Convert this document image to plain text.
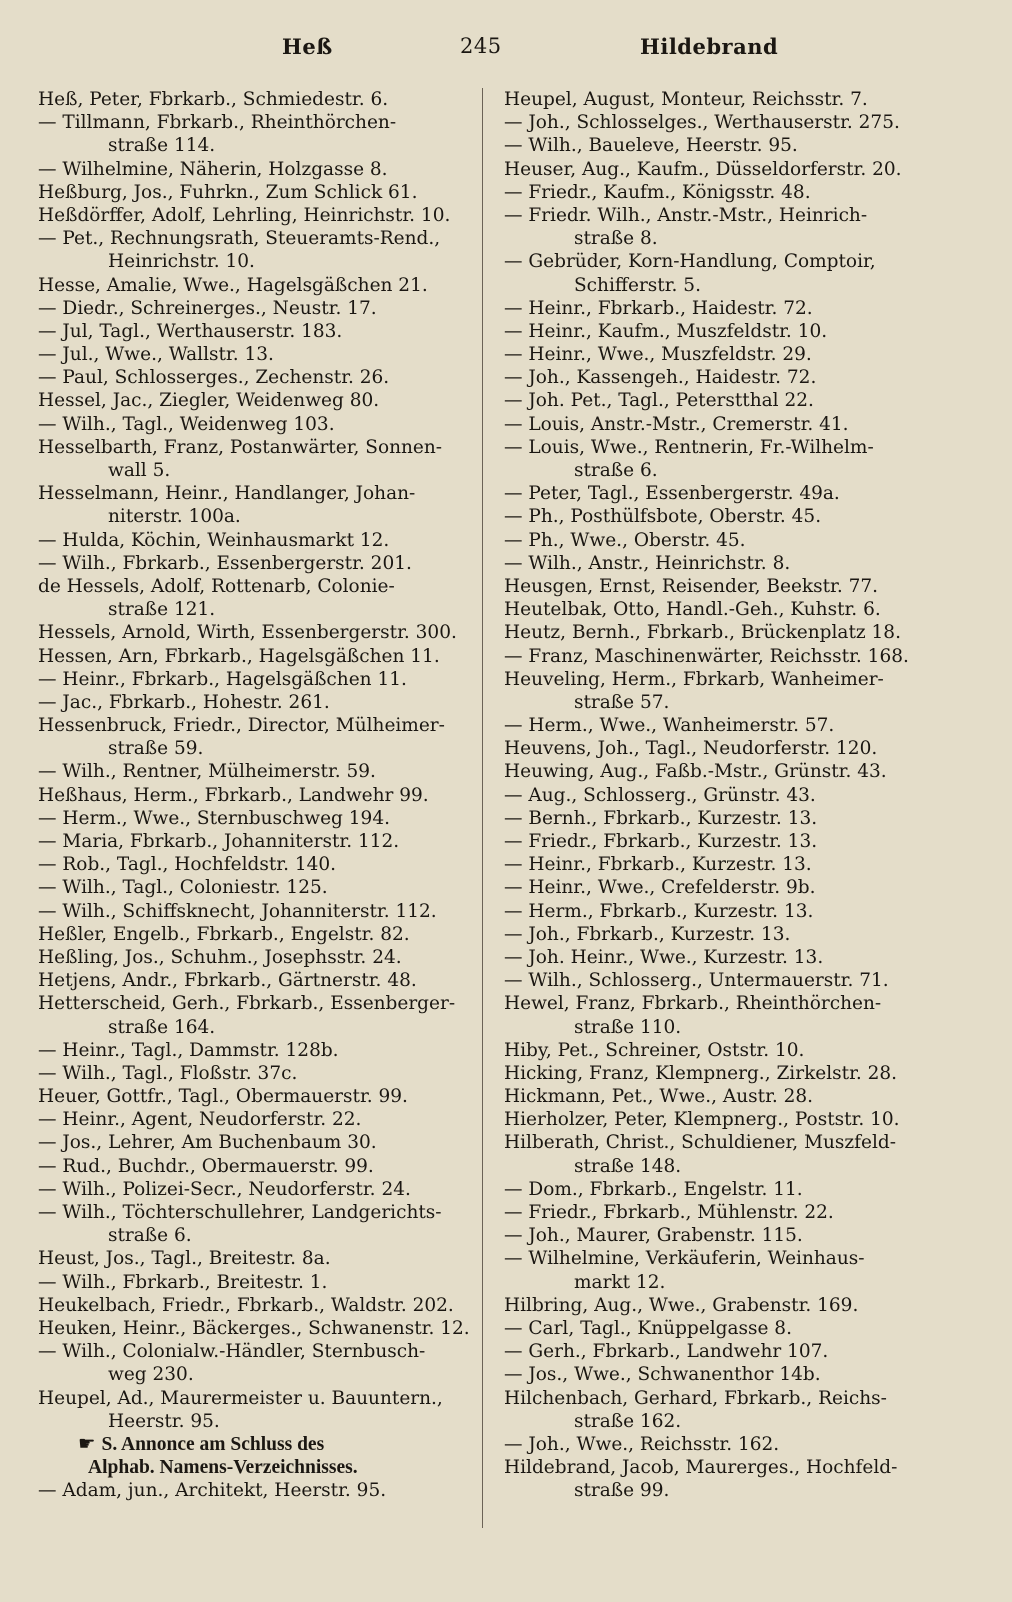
Heß	245	Hildebrand
Heß, Peter, Fbrkarb., Schmiedestr. 6.
— Tillmann, Fbrkarb., Rheinthörchen-
straße 114.
— Wilhelmine, Näherin, Holzgasse 8.
Heßburg, Jos., Fuhrkn., Zum Schlick 61.
Heßdörffer, Adolf, Lehrling, Heinrichstr. 10.
— Pet., Rechnungsrath, Steueramts-Rend.,
Heinrichstr. 10.
Hesse, Amalie, Wwe., Hagelsgäßchen 21.
— Diedr., Schreinerges., Neustr. 17.
— Jul, Tagl., Werthauserstr. 183.
— Jul., Wwe., Wallstr. 13.
— Paul, Schlosserges., Zechenstr. 26.
Hessel, Jac., Ziegler, Weidenweg 80.
— Wilh., Tagl., Weidenweg 103.
Hesselbarth, Franz, Postanwärter, Sonnen-
wall 5.
Hesselmann, Heinr., Handlanger, Johan-
niterstr. 100a.
— Hulda, Köchin, Weinhausmarkt 12.
— Wilh., Fbrkarb., Essenbergerstr. 201.
de Hessels, Adolf, Rottenarb, Colonie-
straße 121.
Hessels, Arnold, Wirth, Essenbergerstr. 300.
Hessen, Arn, Fbrkarb., Hagelsgäßchen 11.
— Heinr., Fbrkarb., Hagelsgäßchen 11.
— Jac., Fbrkarb., Hohestr. 261.
Hessenbruck, Friedr., Director, Mülheimer-
straße 59.
— Wilh., Rentner, Mülheimerstr. 59.
Heßhaus, Herm., Fbrkarb., Landwehr 99.
— Herm., Wwe., Sternbuschweg 194.
— Maria, Fbrkarb., Johanniterstr. 112.
— Rob., Tagl., Hochfeldstr. 140.
— Wilh., Tagl., Coloniestr. 125.
— Wilh., Schiffsknecht, Johanniterstr. 112.
Heßler, Engelb., Fbrkarb., Engelstr. 82.
Heßling, Jos., Schuhm., Josephsstr. 24.
Hetjens, Andr., Fbrkarb., Gärtnerstr. 48.
Hetterscheid, Gerh., Fbrkarb., Essenberger-
straße 164.
— Heinr., Tagl., Dammstr. 128b.
— Wilh., Tagl., Floßstr. 37c.
Heuer, Gottfr., Tagl., Obermauerstr. 99.
— Heinr., Agent, Neudorferstr. 22.
— Jos., Lehrer, Am Buchenbaum 30.
— Rud., Buchdr., Obermauerstr. 99.
— Wilh., Polizei-Secr., Neudorferstr. 24.
— Wilh., Töchterschullehrer, Landgerichts-
straße 6.
Heust, Jos., Tagl., Breitestr. 8a.
— Wilh., Fbrkarb., Breitestr. 1.
Heukelbach, Friedr., Fbrkarb., Waldstr. 202.
Heuken, Heinr., Bäckerges., Schwanenstr. 12.
— Wilh., Colonialw.-Händler, Sternbusch-
weg 230.
Heupel, Ad., Maurermeister u. Bauuntern.,
Heerstr. 95.
☛ S. Annonce am Schluss des
Alphab. Namens-Verzeichnisses.
— Adam, jun., Architekt, Heerstr. 95.
Heupel, August, Monteur, Reichsstr. 7.
— Joh., Schlosselges., Werthauserstr. 275.
— Wilh., Baueleve, Heerstr. 95.
Heuser, Aug., Kaufm., Düsseldorferstr. 20.
— Friedr., Kaufm., Königsstr. 48.
— Friedr. Wilh., Anstr.-Mstr., Heinrich-
straße 8.
— Gebrüder, Korn-Handlung, Comptoir,
Schifferstr. 5.
— Heinr., Fbrkarb., Haidestr. 72.
— Heinr., Kaufm., Muszfeldstr. 10.
— Heinr., Wwe., Muszfeldstr. 29.
— Joh., Kassengeh., Haidestr. 72.
— Joh. Pet., Tagl., Peterstthal 22.
— Louis, Anstr.-Mstr., Cremerstr. 41.
— Louis, Wwe., Rentnerin, Fr.-Wilhelm-
straße 6.
— Peter, Tagl., Essenbergerstr. 49a.
— Ph., Posthülfsbote, Oberstr. 45.
— Ph., Wwe., Oberstr. 45.
— Wilh., Anstr., Heinrichstr. 8.
Heusgen, Ernst, Reisender, Beekstr. 77.
Heutelbak, Otto, Handl.-Geh., Kuhstr. 6.
Heutz, Bernh., Fbrkarb., Brückenplatz 18.
— Franz, Maschinenwärter, Reichsstr. 168.
Heuveling, Herm., Fbrkarb, Wanheimer-
straße 57.
— Herm., Wwe., Wanheimerstr. 57.
Heuvens, Joh., Tagl., Neudorferstr. 120.
Heuwing, Aug., Faßb.-Mstr., Grünstr. 43.
— Aug., Schlosserg., Grünstr. 43.
— Bernh., Fbrkarb., Kurzestr. 13.
— Friedr., Fbrkarb., Kurzestr. 13.
— Heinr., Fbrkarb., Kurzestr. 13.
— Heinr., Wwe., Crefelderstr. 9b.
— Herm., Fbrkarb., Kurzestr. 13.
— Joh., Fbrkarb., Kurzestr. 13.
— Joh. Heinr., Wwe., Kurzestr. 13.
— Wilh., Schlosserg., Untermauerstr. 71.
Hewel, Franz, Fbrkarb., Rheinthörchen-
straße 110.
Hiby, Pet., Schreiner, Oststr. 10.
Hicking, Franz, Klempnerg., Zirkelstr. 28.
Hickmann, Pet., Wwe., Austr. 28.
Hierholzer, Peter, Klempnerg., Poststr. 10.
Hilberath, Christ., Schuldiener, Muszfeld-
straße 148.
— Dom., Fbrkarb., Engelstr. 11.
— Friedr., Fbrkarb., Mühlenstr. 22.
— Joh., Maurer, Grabenstr. 115.
— Wilhelmine, Verkäuferin, Weinhaus-
markt 12.
Hilbring, Aug., Wwe., Grabenstr. 169.
— Carl, Tagl., Knüppelgasse 8.
— Gerh., Fbrkarb., Landwehr 107.
— Jos., Wwe., Schwanenthor 14b.
Hilchenbach, Gerhard, Fbrkarb., Reichs-
straße 162.
— Joh., Wwe., Reichsstr. 162.
Hildebrand, Jacob, Maurerges., Hochfeld-
straße 99.
